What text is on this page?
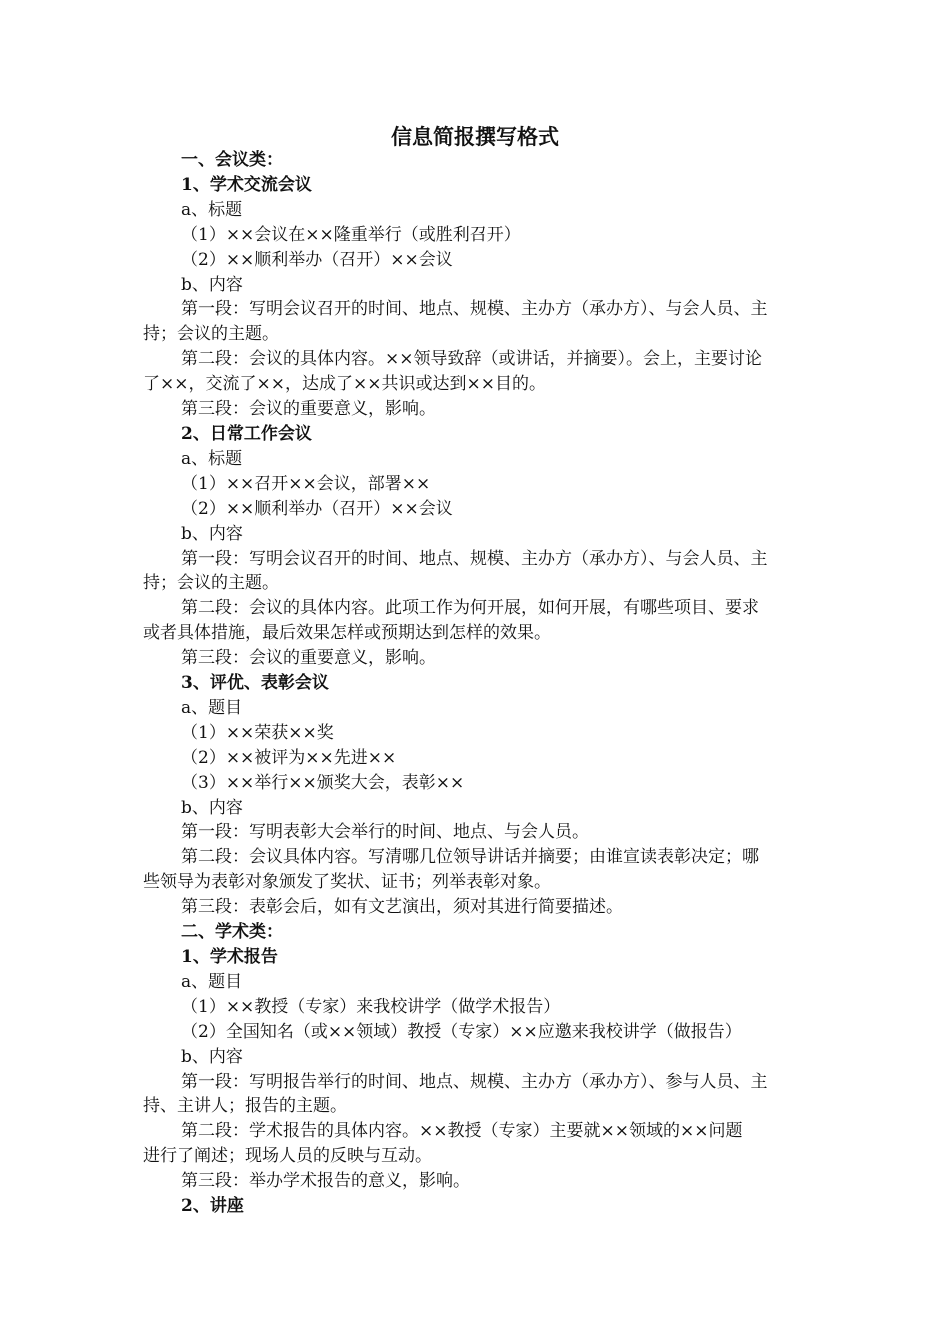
信息简报撰写格式
一、会议类：
1、学术交流会议
a、标题
（1）××会议在××隆重举行（或胜利召开）
（2）××顺利举办（召开）××会议
b、内容
第一段：写明会议召开的时间、地点、规模、主办方（承办方）、与会人员、主
持；会议的主题。
第二段：会议的具体内容。××领导致辞（或讲话，并摘要）。会上，主要讨论
了××，交流了××，达成了××共识或达到××目的。
第三段：会议的重要意义，影响。
2、日常工作会议
a、标题
（1）××召开××会议，部署××
（2）××顺利举办（召开）××会议
b、内容
第一段：写明会议召开的时间、地点、规模、主办方（承办方）、与会人员、主
持；会议的主题。
第二段：会议的具体内容。此项工作为何开展，如何开展，有哪些项目、要求
或者具体措施，最后效果怎样或预期达到怎样的效果。
第三段：会议的重要意义，影响。
3、评优、表彰会议
a、题目
（1）××荣获××奖
（2）××被评为××先进××
（3）××举行××颁奖大会，表彰××
b、内容
第一段：写明表彰大会举行的时间、地点、与会人员。
第二段：会议具体内容。写清哪几位领导讲话并摘要；由谁宣读表彰决定；哪
些领导为表彰对象颁发了奖状、证书；列举表彰对象。
第三段：表彰会后，如有文艺演出，须对其进行简要描述。
二、学术类：
1、学术报告
a、题目
（1）××教授（专家）来我校讲学（做学术报告）
（2）全国知名（或××领域）教授（专家）××应邀来我校讲学（做报告）
b、内容
第一段：写明报告举行的时间、地点、规模、主办方（承办方）、参与人员、主
持、主讲人；报告的主题。
第二段：学术报告的具体内容。××教授（专家）主要就××领域的××问题
进行了阐述；现场人员的反映与互动。
第三段：举办学术报告的意义，影响。
2、讲座
